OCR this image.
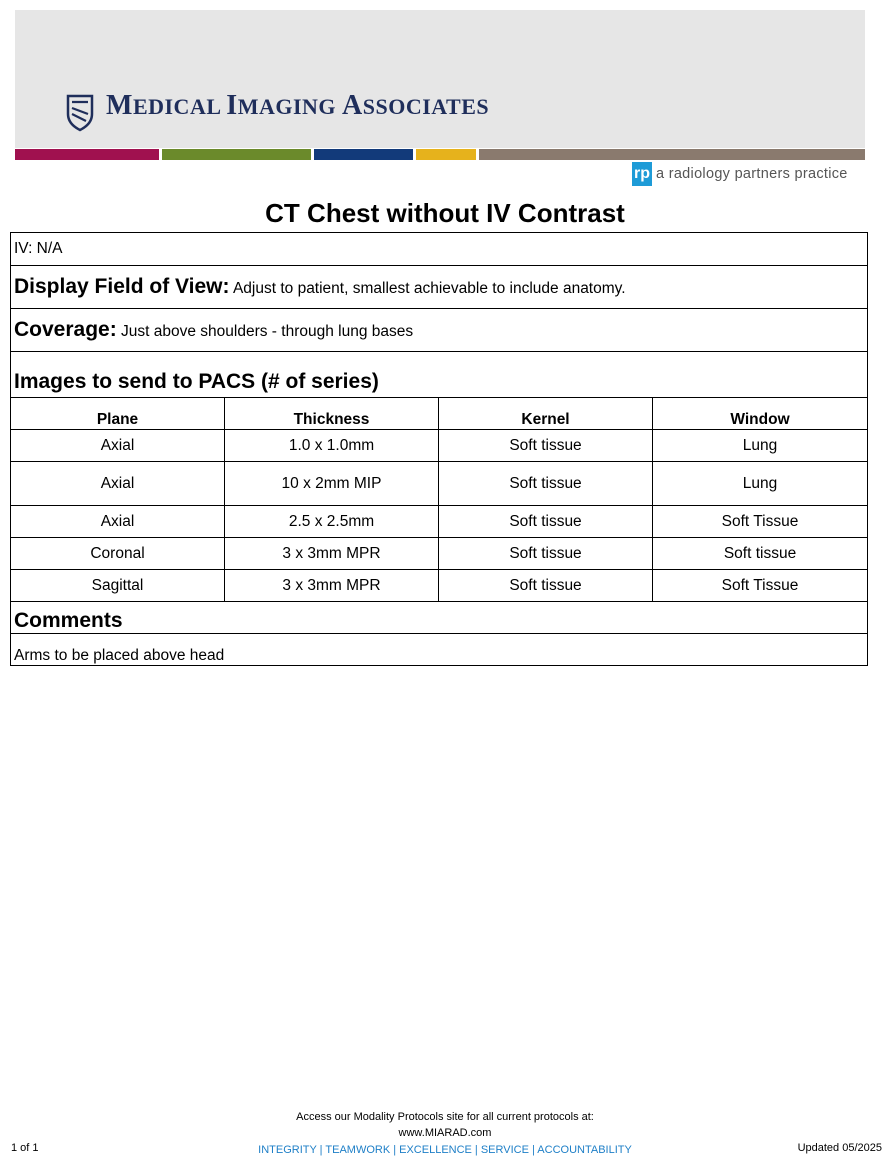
MEDICAL IMAGING ASSOCIATES
rp a radiology partners practice
CT Chest without IV Contrast
IV: N/A			
Display Field of View: Adjust to patient, smallest achievable to include anatomy.			
Coverage: Just above shoulders - through lung bases			
Images to send to PACS (# of series)			
Plane	Thickness	Kernel	Window
Axial	1.0 x 1.0mm	Soft tissue	Lung
Axial	10 x 2mm MIP	Soft tissue	Lung
Axial	2.5 x 2.5mm	Soft tissue	Soft Tissue
Coronal	3 x 3mm MPR	Soft tissue	Soft tissue
Sagittal	3 x 3mm MPR	Soft tissue	Soft Tissue
Comments			
Arms to be placed above head			
Access our Modality Protocols site for all current protocols at:
www.MIARAD.com
INTEGRITY | TEAMWORK | EXCELLENCE | SERVICE | ACCOUNTABILITY
1 of 1	Updated 05/2025
